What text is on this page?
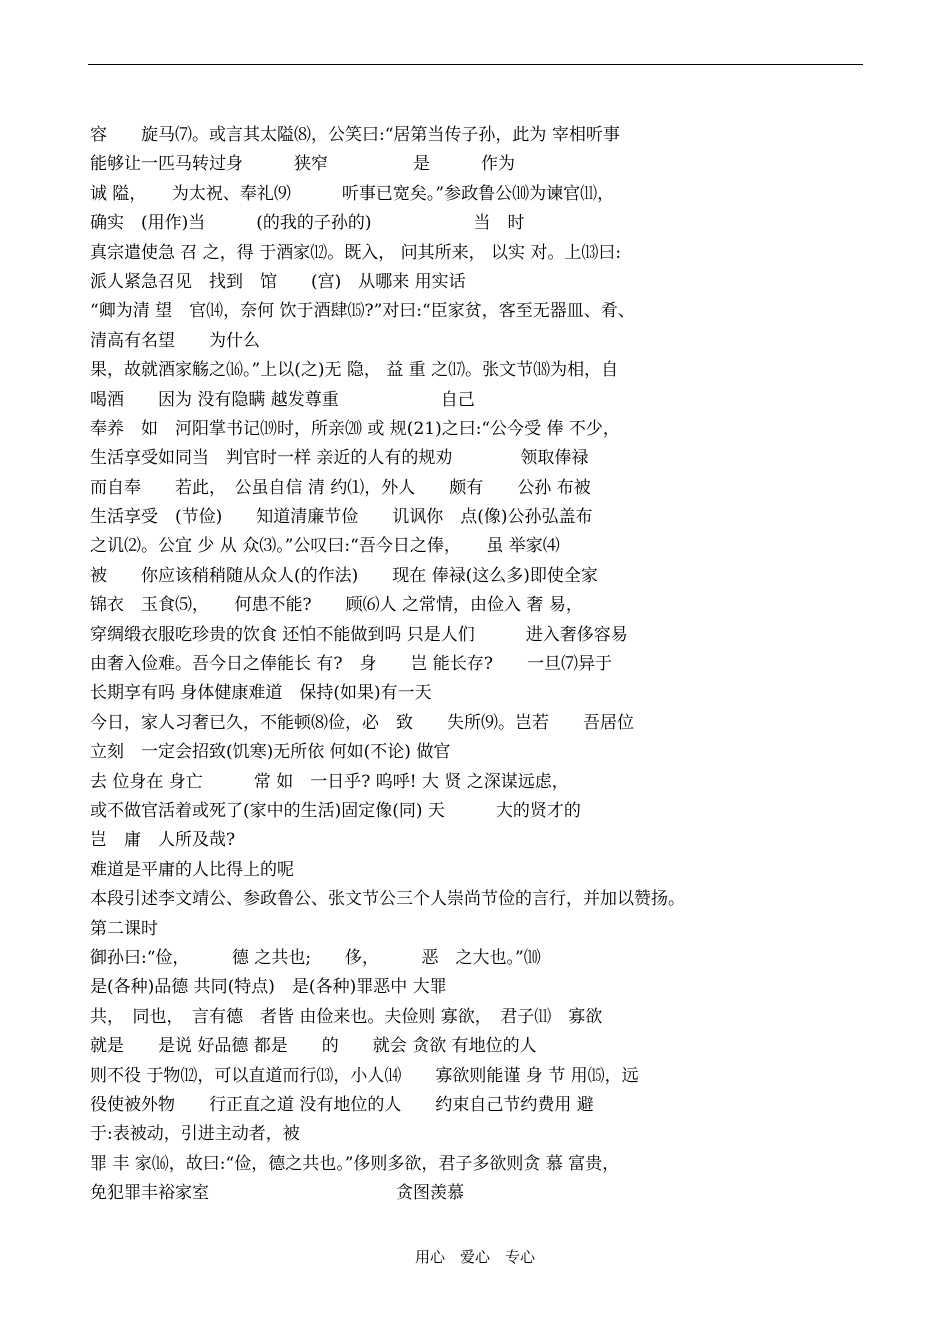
容　　旋马⑺。或言其太隘⑻，公笑曰:“居第当传子孙，此为 宰相听事
能够让一匹马转过身　　　狭窄　　　　　是　　　作为
诚 隘，　　为太祝、奉礼⑼　　　听事已宽矣。”参政鲁公⑽为谏官⑾，
确实　(用作)当　　　(的我的子孙的)　　　　　　当　时
真宗遣使急 召 之，得 于酒家⑿。既入， 问其所来， 以实 对。上⒀曰:
派人紧急召见　找到　馆　　(宫)　从哪来 用实话
“卿为清 望　官⒁，奈何 饮于酒肆⒂?”对曰:“臣家贫，客至无器皿、肴、
清高有名望　　为什么
果，故就酒家觞之⒃。”上以(之)无 隐， 益 重 之⒄。张文节⒅为相，自
喝酒　　因为 没有隐瞒 越发尊重　　　　　　自己
奉养　如　河阳掌书记⒆时，所亲⒇ 或 规(21)之曰:“公今受 俸 不少，
生活享受如同当　判官时一样 亲近的人有的规劝　　　　领取俸禄
而自奉　　若此，　公虽自信 清 约⑴，外人　　颇有　　公孙 布被
生活享受　(节俭)　　知道清廉节俭　　讥讽你　点(像)公孙弘盖布
之讥⑵。公宜 少 从 众⑶。”公叹曰:“吾今日之俸，　　虽 举家⑷
被　　你应该稍稍随从众人(的作法)　　现在 俸禄(这么多)即使全家
锦衣　玉食⑸，　　何患不能?　　顾⑹人 之常情，由俭入 奢 易，
穿绸缎衣服吃珍贵的饮食 还怕不能做到吗 只是人们　　　进入奢侈容易
由奢入俭难。吾今日之俸能长 有?　身　　岂 能长存?　　一旦⑺异于
长期享有吗 身体健康难道　保持(如果)有一天
今日，家人习奢已久，不能顿⑻俭，必　致　　失所⑼。岂若　　吾居位
立刻　一定会招致(饥寒)无所依 何如(不论) 做官
去 位身在 身亡　　　常 如　一日乎? 呜呼! 大 贤 之深谋远虑，
或不做官活着或死了(家中的生活)固定像(同) 天　　　大的贤才的
岂　庸　人所及哉?
难道是平庸的人比得上的呢
本段引述李文靖公、参政鲁公、张文节公三个人崇尚节俭的言行，并加以赞扬。
第二课时
御孙曰:“俭，　　　德 之共也;　　侈，　　　恶　之大也。”⑽
是(各种)品德 共同(特点)　是(各种)罪恶中 大罪
共，　同也，　言有德　者皆 由俭来也。夫俭则 寡欲，　君子⑾　寡欲
就是　　是说 好品德 都是　　的　　就会 贪欲 有地位的人
则不役 于物⑿，可以直道而行⒀，小人⒁　　寡欲则能谨 身 节 用⒂，远
役使被外物　　行正直之道 没有地位的人　　约束自己节约费用 避
于:表被动，引进主动者，被
罪 丰 家⒃，故曰:“俭，德之共也。”侈则多欲，君子多欲则贪 慕 富贵，
免犯罪丰裕家室　　　　　　　　　　　贪图羡慕
用心　爱心　专心
